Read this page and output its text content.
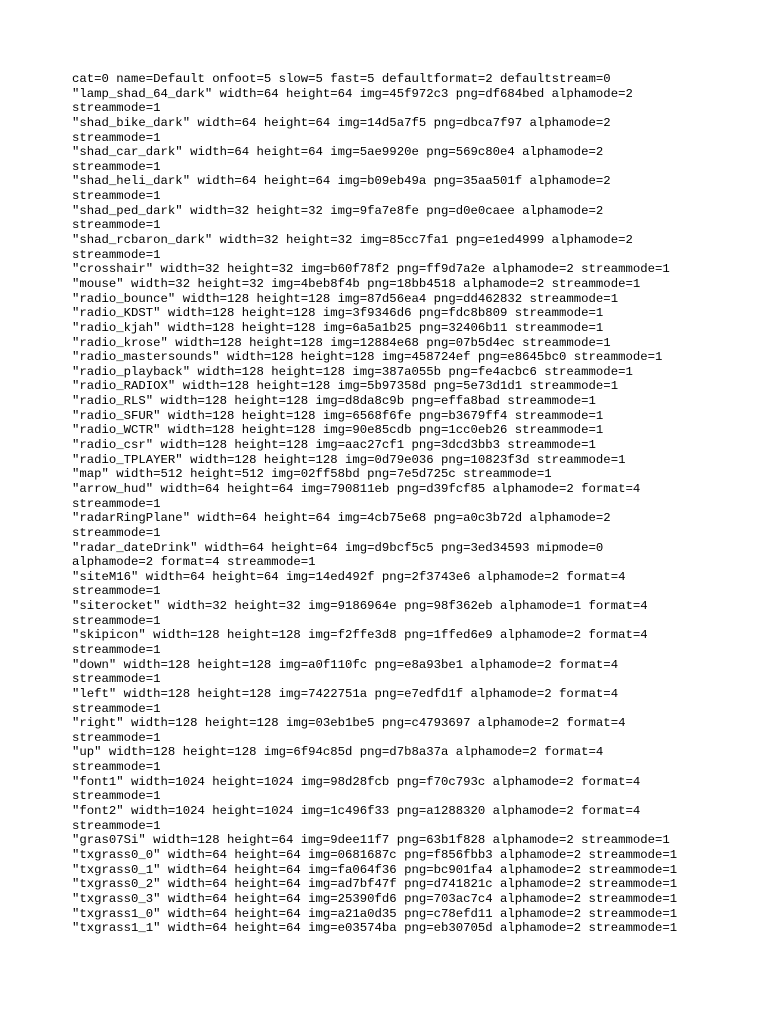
cat=0 name=Default onfoot=5 slow=5 fast=5 defaultformat=2 defaultstream=0
"lamp_shad_64_dark" width=64 height=64 img=45f972c3 png=df684bed alphamode=2
streammode=1
"shad_bike_dark" width=64 height=64 img=14d5a7f5 png=dbca7f97 alphamode=2
streammode=1
"shad_car_dark" width=64 height=64 img=5ae9920e png=569c80e4 alphamode=2
streammode=1
"shad_heli_dark" width=64 height=64 img=b09eb49a png=35aa501f alphamode=2
streammode=1
"shad_ped_dark" width=32 height=32 img=9fa7e8fe png=d0e0caee alphamode=2
streammode=1
"shad_rcbaron_dark" width=32 height=32 img=85cc7fa1 png=e1ed4999 alphamode=2
streammode=1
"crosshair" width=32 height=32 img=b60f78f2 png=ff9d7a2e alphamode=2 streammode=1
"mouse" width=32 height=32 img=4beb8f4b png=18bb4518 alphamode=2 streammode=1
"radio_bounce" width=128 height=128 img=87d56ea4 png=dd462832 streammode=1
"radio_KDST" width=128 height=128 img=3f9346d6 png=fdc8b809 streammode=1
"radio_kjah" width=128 height=128 img=6a5a1b25 png=32406b11 streammode=1
"radio_krose" width=128 height=128 img=12884e68 png=07b5d4ec streammode=1
"radio_mastersounds" width=128 height=128 img=458724ef png=e8645bc0 streammode=1
"radio_playback" width=128 height=128 img=387a055b png=fe4acbc6 streammode=1
"radio_RADIOX" width=128 height=128 img=5b97358d png=5e73d1d1 streammode=1
"radio_RLS" width=128 height=128 img=d8da8c9b png=effa8bad streammode=1
"radio_SFUR" width=128 height=128 img=6568f6fe png=b3679ff4 streammode=1
"radio_WCTR" width=128 height=128 img=90e85cdb png=1cc0eb26 streammode=1
"radio_csr" width=128 height=128 img=aac27cf1 png=3dcd3bb3 streammode=1
"radio_TPLAYER" width=128 height=128 img=0d79e036 png=10823f3d streammode=1
"map" width=512 height=512 img=02ff58bd png=7e5d725c streammode=1
"arrow_hud" width=64 height=64 img=790811eb png=d39fcf85 alphamode=2 format=4
streammode=1
"radarRingPlane" width=64 height=64 img=4cb75e68 png=a0c3b72d alphamode=2
streammode=1
"radar_dateDrink" width=64 height=64 img=d9bcf5c5 png=3ed34593 mipmode=0
alphamode=2 format=4 streammode=1
"siteM16" width=64 height=64 img=14ed492f png=2f3743e6 alphamode=2 format=4
streammode=1
"siterocket" width=32 height=32 img=9186964e png=98f362eb alphamode=1 format=4
streammode=1
"skipicon" width=128 height=128 img=f2ffe3d8 png=1ffed6e9 alphamode=2 format=4
streammode=1
"down" width=128 height=128 img=a0f110fc png=e8a93be1 alphamode=2 format=4
streammode=1
"left" width=128 height=128 img=7422751a png=e7edfd1f alphamode=2 format=4
streammode=1
"right" width=128 height=128 img=03eb1be5 png=c4793697 alphamode=2 format=4
streammode=1
"up" width=128 height=128 img=6f94c85d png=d7b8a37a alphamode=2 format=4
streammode=1
"font1" width=1024 height=1024 img=98d28fcb png=f70c793c alphamode=2 format=4
streammode=1
"font2" width=1024 height=1024 img=1c496f33 png=a1288320 alphamode=2 format=4
streammode=1
"gras07Si" width=128 height=64 img=9dee11f7 png=63b1f828 alphamode=2 streammode=1
"txgrass0_0" width=64 height=64 img=0681687c png=f856fbb3 alphamode=2 streammode=1
"txgrass0_1" width=64 height=64 img=fa064f36 png=bc901fa4 alphamode=2 streammode=1
"txgrass0_2" width=64 height=64 img=ad7bf47f png=d741821c alphamode=2 streammode=1
"txgrass0_3" width=64 height=64 img=25390fd6 png=703ac7c4 alphamode=2 streammode=1
"txgrass1_0" width=64 height=64 img=a21a0d35 png=c78efd11 alphamode=2 streammode=1
"txgrass1_1" width=64 height=64 img=e03574ba png=eb30705d alphamode=2 streammode=1
